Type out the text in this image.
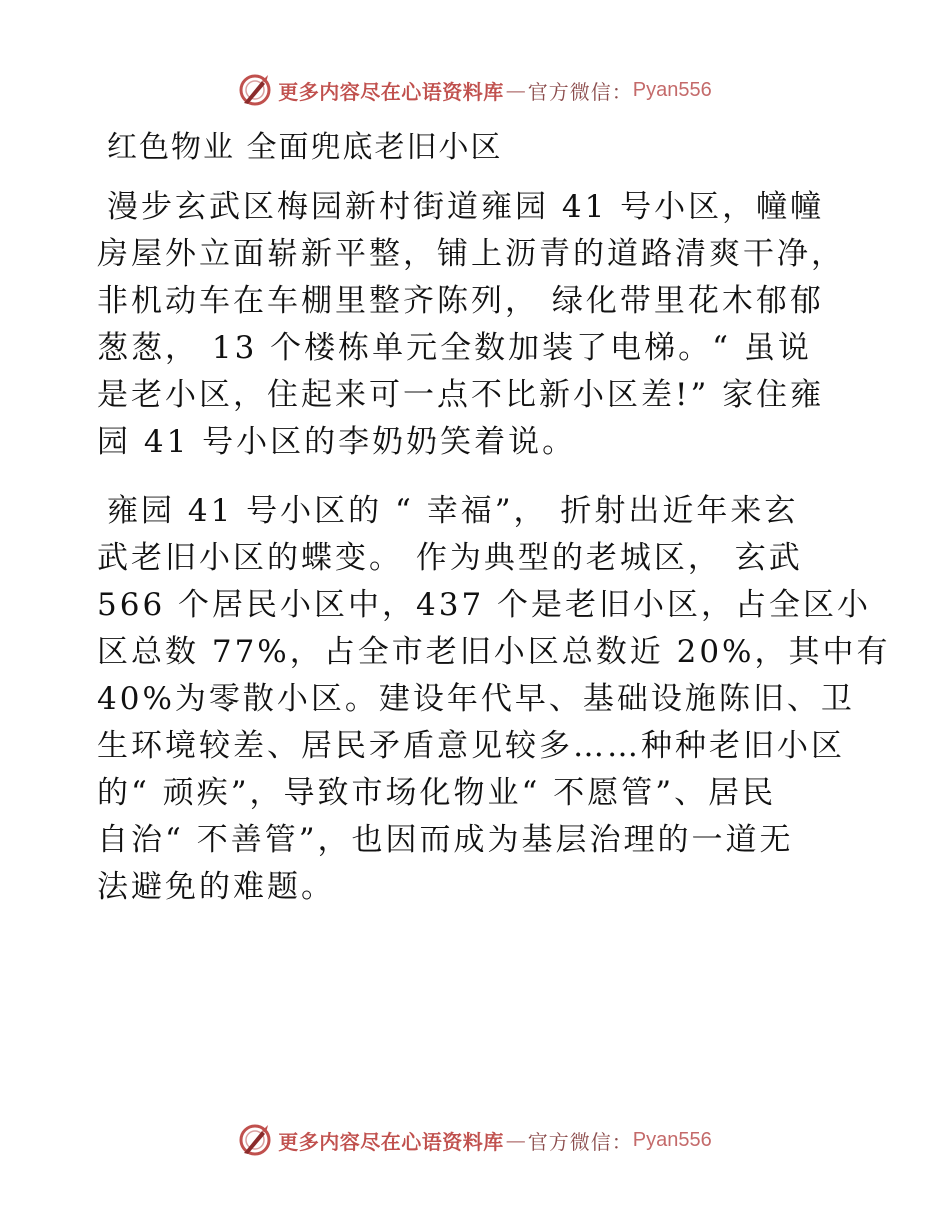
更多内容尽在心语资料库 — 官方微信： Pyan556
红色物业 全面兜底老旧小区

漫步玄武区梅园新村街道雍园 41 号小区，幢幢
房屋外立面崭新平整，铺上沥青的道路清爽干净，
非机动车在车棚里整齐陈列， 绿化带里花木郁郁
葱葱， 13 个楼栋单元全数加装了电梯。“ 虽说
是老小区，住起来可一点不比新小区差!” 家住雍
园 41 号小区的李奶奶笑着说。

雍园 41 号小区的 “ 幸福”， 折射出近年来玄
武老旧小区的蝶变。 作为典型的老城区， 玄武
566 个居民小区中，437 个是老旧小区，占全区小
区总数 77%，占全市老旧小区总数近 20%，其中有
40%为零散小区。建设年代早、基础设施陈旧、卫
生环境较差、居民矛盾意见较多……种种老旧小区
的“ 顽疾”，导致市场化物业“ 不愿管”、居民
自治“ 不善管”，也因而成为基层治理的一道无
法避免的难题。

更多内容尽在心语资料库 — 官方微信： Pyan556
